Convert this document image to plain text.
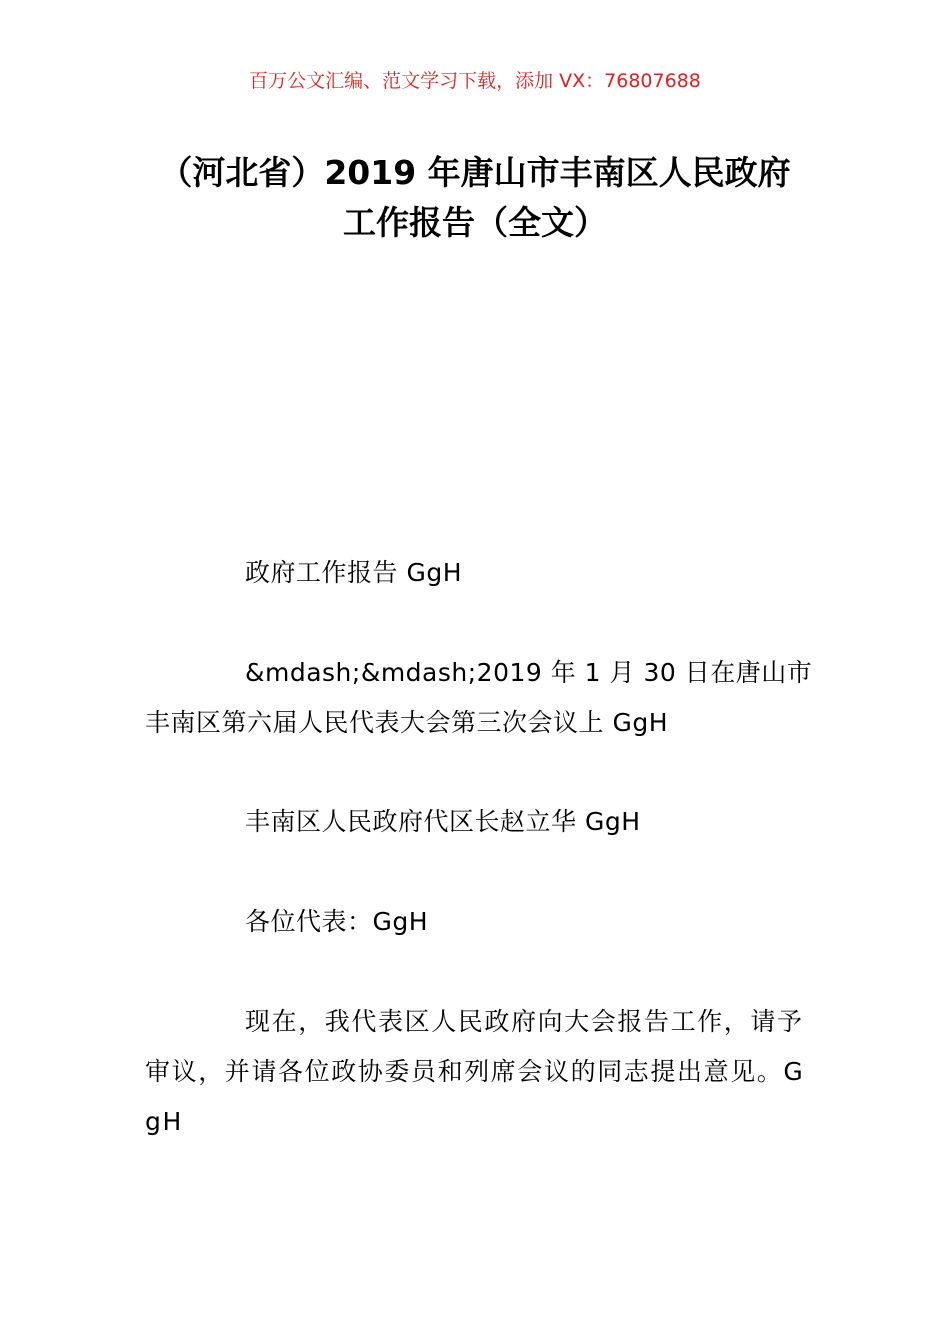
百万公文汇编、范文学习下载，添加 VX：76807688
（河北省）2019 年唐山市丰南区人民政府
工作报告（全文）
政府工作报告 GgH
&mdash;&mdash;2019 年 1 月 30 日在唐山市丰南区第六届人民代表大会第三次会议上 GgH
丰南区人民政府代区长赵立华 GgH
各位代表：GgH
现在，我代表区人民政府向大会报告工作，请予审议，并请各位政协委员和列席会议的同志提出意见。GgH
